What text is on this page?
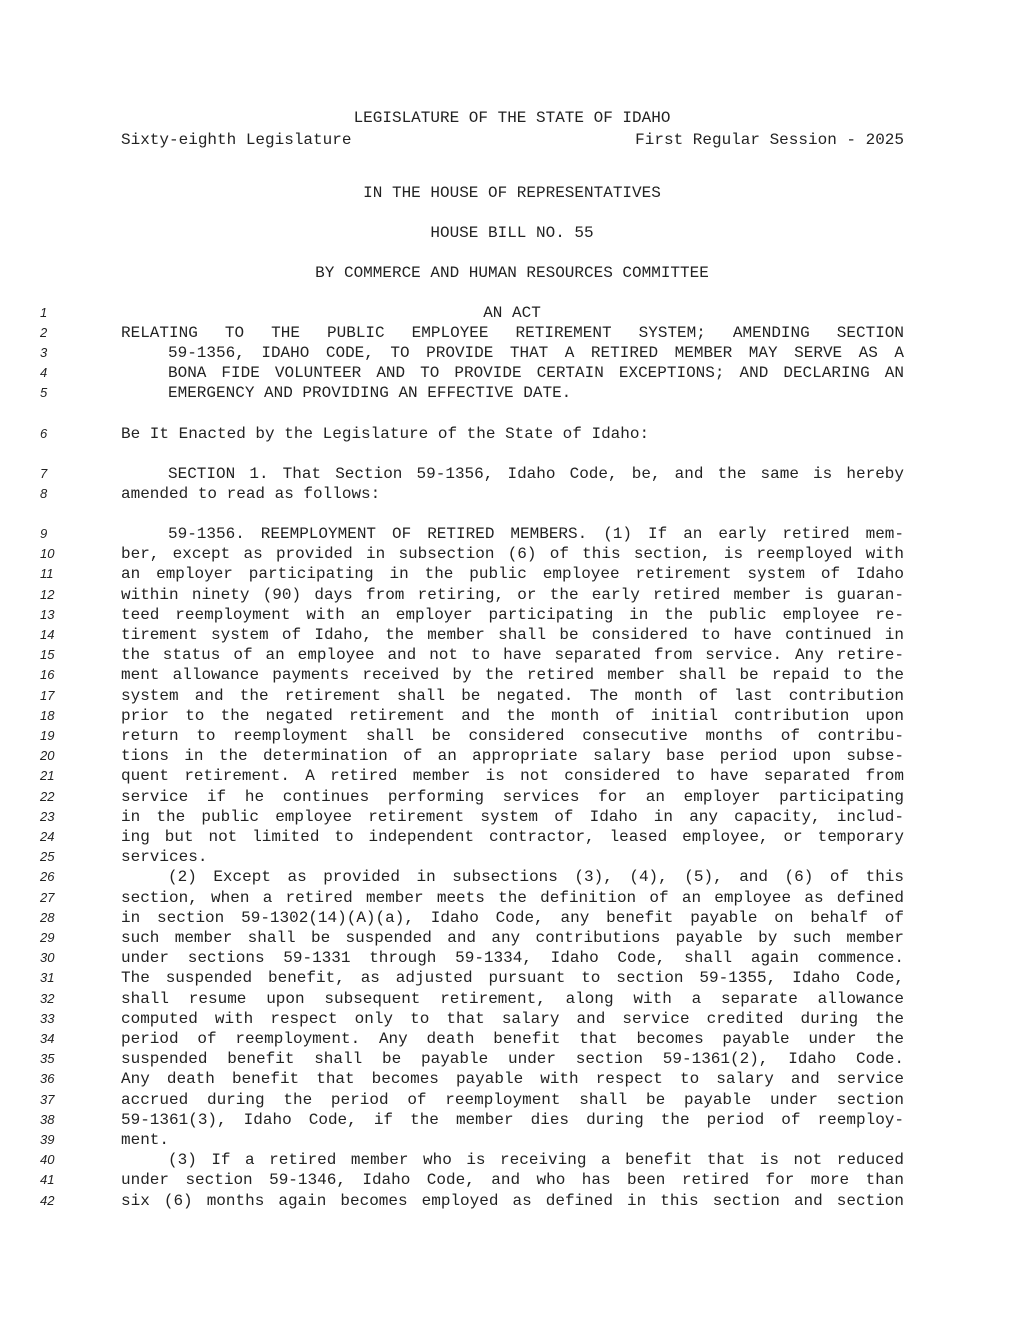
LEGISLATURE OF THE STATE OF IDAHO
Sixty-eighth Legislature	First Regular Session - 2025
IN THE HOUSE OF REPRESENTATIVES
HOUSE BILL NO. 55
BY COMMERCE AND HUMAN RESOURCES COMMITTEE
1	AN ACT
2	RELATING TO THE PUBLIC EMPLOYEE RETIREMENT SYSTEM; AMENDING SECTION
3	59-1356, IDAHO CODE, TO PROVIDE THAT A RETIRED MEMBER MAY SERVE AS A
4	BONA FIDE VOLUNTEER AND TO PROVIDE CERTAIN EXCEPTIONS; AND DECLARING AN
5	EMERGENCY AND PROVIDING AN EFFECTIVE DATE.
6	Be It Enacted by the Legislature of the State of Idaho:
7	SECTION 1. That Section 59-1356, Idaho Code, be, and the same is hereby
8	amended to read as follows:
9	59-1356. REEMPLOYMENT OF RETIRED MEMBERS. (1) If an early retired mem-
10	ber, except as provided in subsection (6) of this section, is reemployed with
11	an employer participating in the public employee retirement system of Idaho
12	within ninety (90) days from retiring, or the early retired member is guaran-
13	teed reemployment with an employer participating in the public employee re-
14	tirement system of Idaho, the member shall be considered to have continued in
15	the status of an employee and not to have separated from service. Any retire-
16	ment allowance payments received by the retired member shall be repaid to the
17	system and the retirement shall be negated. The month of last contribution
18	prior to the negated retirement and the month of initial contribution upon
19	return to reemployment shall be considered consecutive months of contribu-
20	tions in the determination of an appropriate salary base period upon subse-
21	quent retirement. A retired member is not considered to have separated from
22	service if he continues performing services for an employer participating
23	in the public employee retirement system of Idaho in any capacity, includ-
24	ing but not limited to independent contractor, leased employee, or temporary
25	services.
26	(2) Except as provided in subsections (3), (4), (5), and (6) of this
27	section, when a retired member meets the definition of an employee as defined
28	in section 59-1302(14)(A)(a), Idaho Code, any benefit payable on behalf of
29	such member shall be suspended and any contributions payable by such member
30	under sections 59-1331 through 59-1334, Idaho Code, shall again commence.
31	The suspended benefit, as adjusted pursuant to section 59-1355, Idaho Code,
32	shall resume upon subsequent retirement, along with a separate allowance
33	computed with respect only to that salary and service credited during the
34	period of reemployment. Any death benefit that becomes payable under the
35	suspended benefit shall be payable under section 59-1361(2), Idaho Code.
36	Any death benefit that becomes payable with respect to salary and service
37	accrued during the period of reemployment shall be payable under section
38	59-1361(3), Idaho Code, if the member dies during the period of reemploy-
39	ment.
40	(3) If a retired member who is receiving a benefit that is not reduced
41	under section 59-1346, Idaho Code, and who has been retired for more than
42	six (6) months again becomes employed as defined in this section and section
